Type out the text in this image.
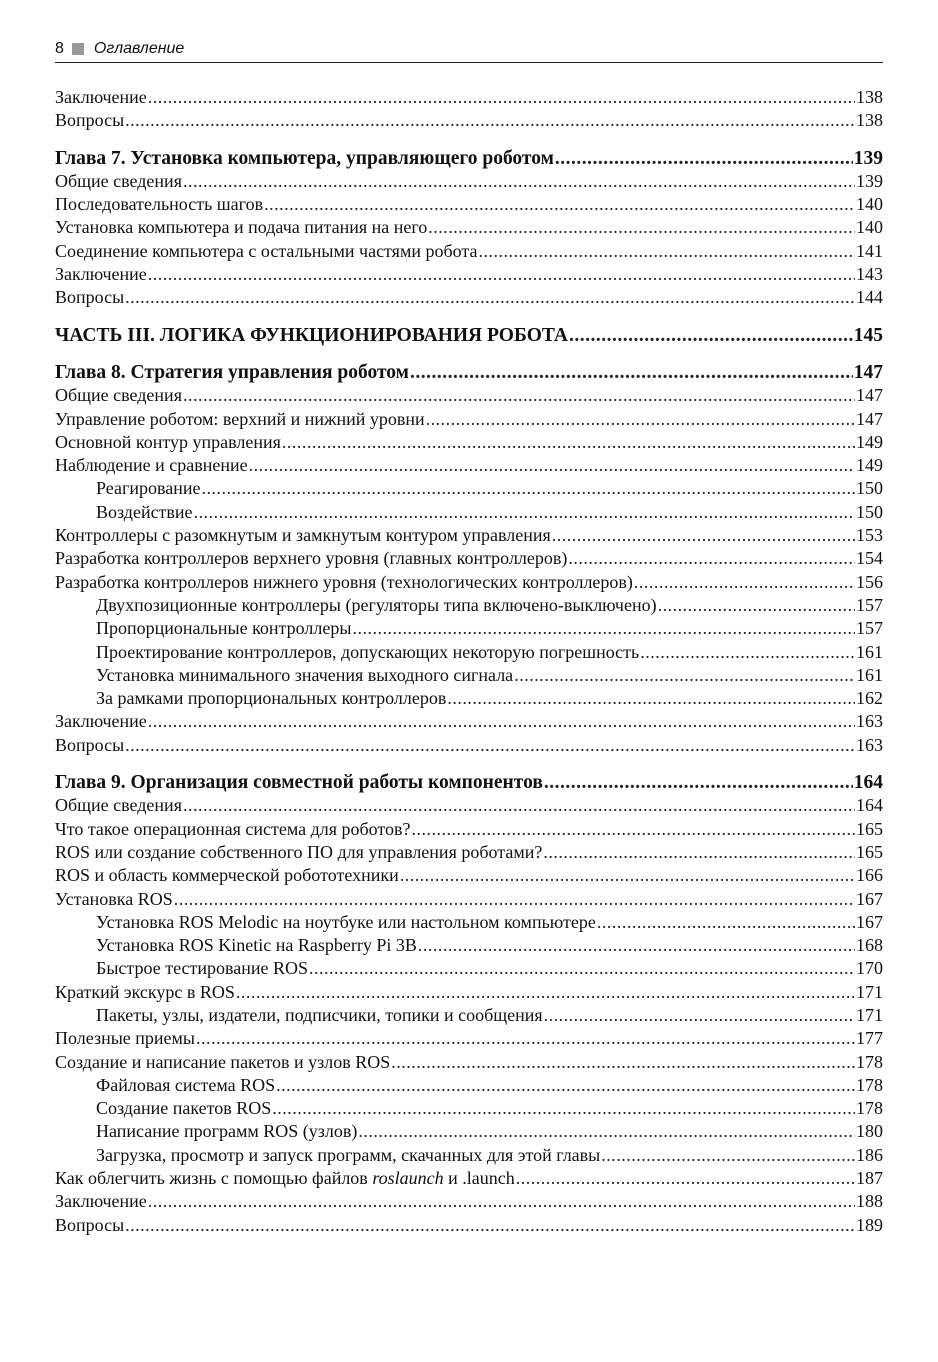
8 Оглавление
Заключение .....	138
Вопросы .....	138
Глава 7. Установка компьютера, управляющего роботом .....	139
Общие сведения .....	139
Последовательность шагов .....	140
Установка компьютера и подача питания на него .....	140
Соединение компьютера с остальными частями робота .....	141
Заключение .....	143
Вопросы .....	144
ЧАСТЬ III. ЛОГИКА ФУНКЦИОНИРОВАНИЯ РОБОТА .....	145
Глава 8. Стратегия управления роботом .....	147
Общие сведения .....	147
Управление роботом: верхний и нижний уровни .....	147
Основной контур управления .....	149
Наблюдение и сравнение .....	149
Реагирование .....	150
Воздействие .....	150
Контроллеры с разомкнутым и замкнутым контуром управления .....	153
Разработка контроллеров верхнего уровня (главных контроллеров) .....	154
Разработка контроллеров нижнего уровня (технологических контроллеров) .....	156
Двухпозиционные контроллеры (регуляторы типа включено-выключено) .....	157
Пропорциональные контроллеры .....	157
Проектирование контроллеров, допускающих некоторую погрешность .....	161
Установка минимального значения выходного сигнала .....	161
За рамками пропорциональных контроллеров .....	162
Заключение .....	163
Вопросы .....	163
Глава 9. Организация совместной работы компонентов .....	164
Общие сведения .....	164
Что такое операционная система для роботов? .....	165
ROS или создание собственного ПО для управления роботами? .....	165
ROS и область коммерческой робототехники .....	166
Установка ROS .....	167
Установка ROS Melodic на ноутбуке или настольном компьютере .....	167
Установка ROS Kinetic на Raspberry Pi 3B .....	168
Быстрое тестирование ROS .....	170
Краткий экскурс в ROS .....	171
Пакеты, узлы, издатели, подписчики, топики и сообщения .....	171
Полезные приемы .....	177
Создание и написание пакетов и узлов ROS .....	178
Файловая система ROS .....	178
Создание пакетов ROS .....	178
Написание программ ROS (узлов) .....	180
Загрузка, просмотр и запуск программ, скачанных для этой главы .....	186
Как облегчить жизнь с помощью файлов roslaunch и .launch .....	187
Заключение .....	188
Вопросы .....	189
